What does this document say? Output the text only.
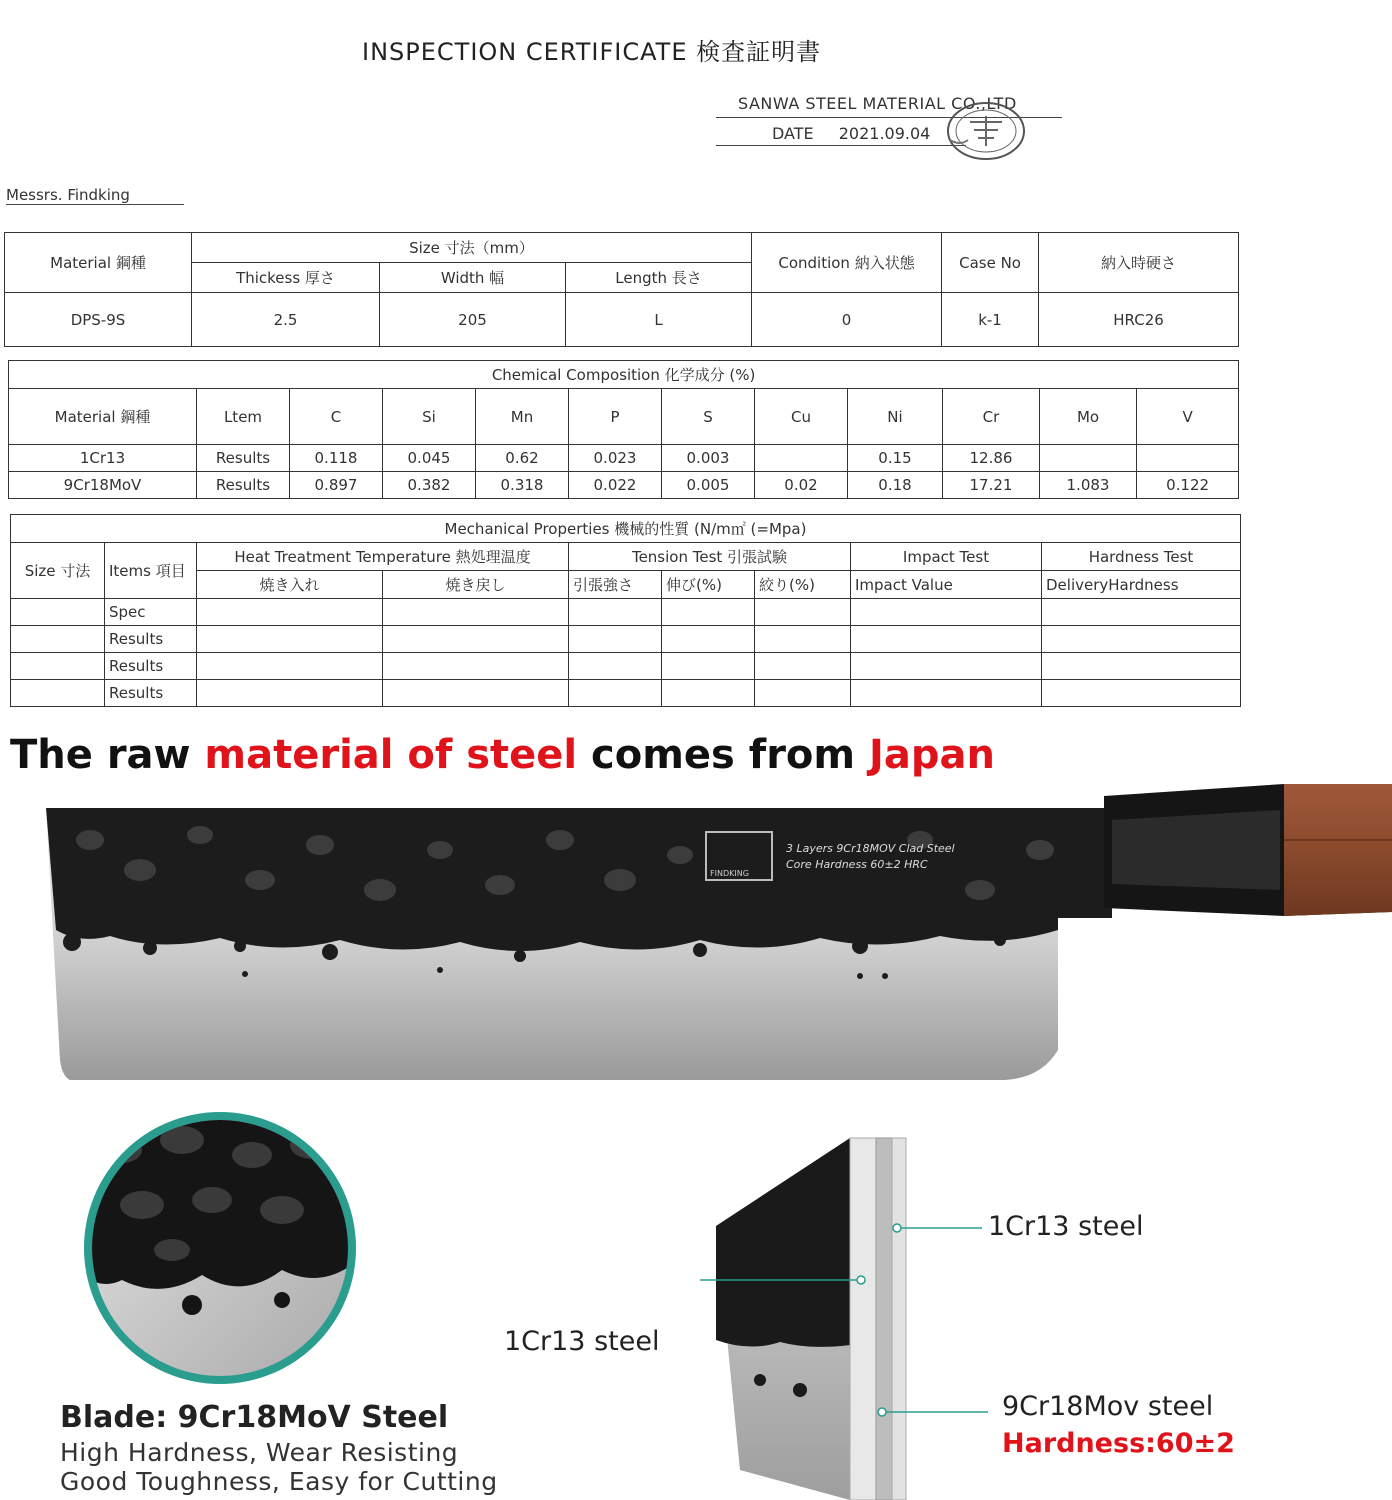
INSPECTION CERTIFICATE 検査証明書
SANWA STEEL MATERIAL CO.,LTD
DATE 2021.09.04
Messrs. Findking
Material 鋼種	Size 寸法（mm）			Condition 納入状態	Case No	納入時硬さ
	Thickess 厚さ	Width 幅	Length 長さ			
DPS-9S	2.5	205	L	0	k-1	HRC26
Chemical Composition 化学成分 (%)											
Material 鋼種	Ltem	C	Si	Mn	P	S	Cu	Ni	Cr	Mo	V
1Cr13	Results	0.118	0.045	0.62	0.023	0.003		0.15	12.86		
9Cr18MoV	Results	0.897	0.382	0.318	0.022	0.005	0.02	0.18	17.21	1.083	0.122
Mechanical Properties 機械的性質 (N/m㎡ (=Mpa)								
Size 寸法	Items 項目	Heat Treatment Temperature 熱処理温度		Tension Test 引張試験			Impact Test	Hardness Test
		焼き入れ	焼き戻し	引張強さ	伸び(%)	絞り(%)	Impact Value	DeliveryHardness
	Spec							
	Results							
	Results							
	Results							
The raw material of steel comes from Japan
FINDKING
3 Layers 9Cr18MOV Clad Steel
Core Hardness 60±2 HRC
Blade: 9Cr18MoV Steel
High Hardness, Wear Resisting
Good Toughness, Easy for Cutting
1Cr13 steel
1Cr13 steel
9Cr18Mov steel
Hardness:60±2
